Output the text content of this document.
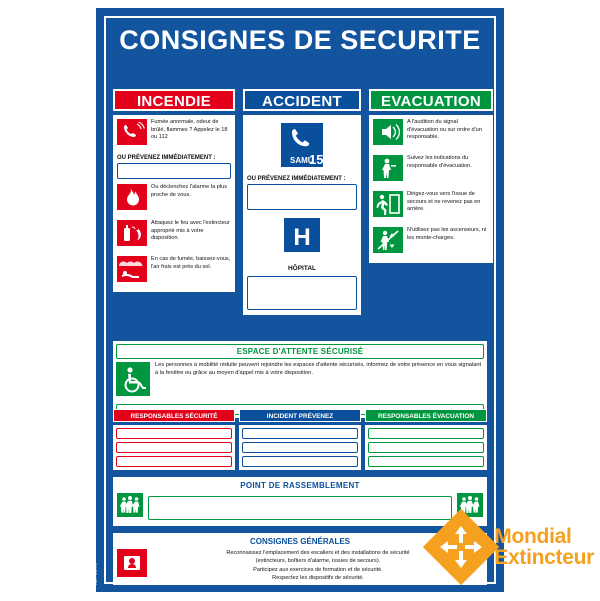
CONSIGNES DE SECURITE
INCENDIE
Fumée anormale, odeur de brûlé, flammes ? Appelez le 18 ou 112
OU PRÉVENEZ IMMÉDIATEMENT :
Ou déclenchez l'alarme la plus proche de vous.
Attaquez le feu avec l'extincteur approprié mis à votre disposition.
En cas de fumée, baissez-vous, l'air frais est près du sol.
ACCIDENT
SAMU
15
OU PRÉVENEZ IMMÉDIATEMENT :
H
HÔPITAL
EVACUATION
A l'audition du signal d'évacuation ou sur ordre d'un responsable.
Suivez les indications du responsable d'évacuation.
Dirigez-vous vers l'issue de secours et ne revenez pas en arrière.
N'utilisez pas les ascenseurs, ni les monte-charges.
ESPACE D'ATTENTE SÉCURISÉ
Les personnes à mobilité réduite peuvent rejoindre les espaces d'attente sécurisés, informez de votre présence en vous signalant à la fenêtre ou grâce au moyen d'appel mis à votre disposition.
RESPONSABLES SÉCURITÉ	INCIDENT PRÉVENEZ	RESPONSABLES ÉVACUATION
POINT DE RASSEMBLEMENT
CONSIGNES GÉNÉRALES
Reconnaissez l'emplacement des escaliers et des installations de sécurité
(extincteurs, boîtiers d'alarme, issues de secours).
Participez aux exercices de formation et de sécurité.
Respectez les dispositifs de sécurité.
REF. CS-FR
Mondial
Extincteur
